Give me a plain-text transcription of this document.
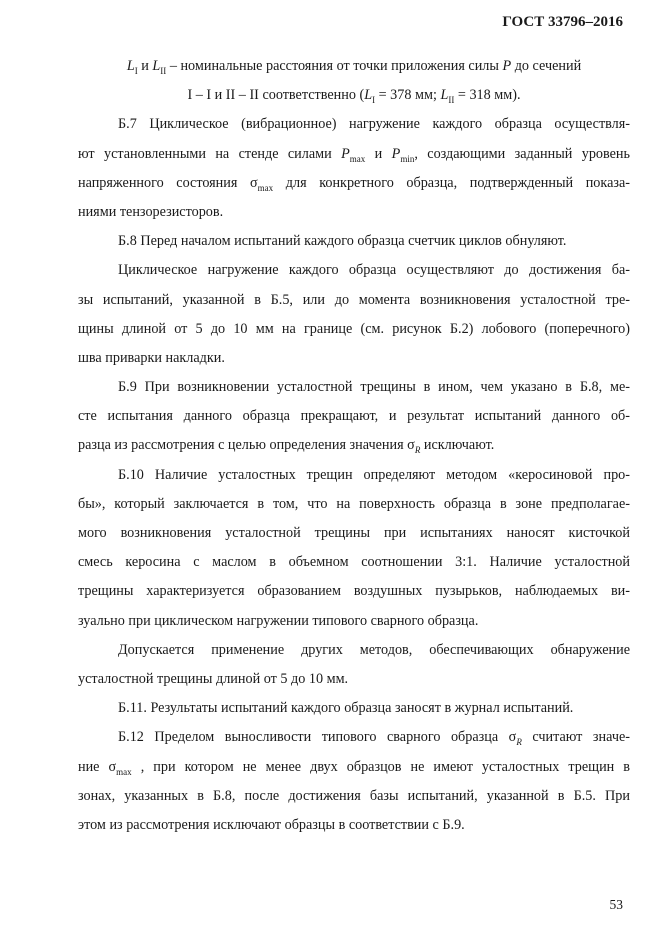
ГОСТ 33796–2016
$L_I$ и $L_{II}$ – номинальные расстояния от точки приложения силы P до сечений
I – I и II – II соответственно ($L_I = 378$ мм; $L_{II} = 318$ мм).
Б.7 Циклическое (вибрационное) нагружение каждого образца осуществля-
ют установленными на стенде силами $P_{max}$ и $P_{min}$, создающими заданный уровень
напряженного состояния $\sigma_{max}$ для конкретного образца, подтвержденный показа-
ниями тензорезисторов.
Б.8 Перед началом испытаний каждого образца счетчик циклов обнуляют.
Циклическое нагружение каждого образца осуществляют до достижения ба-
зы испытаний, указанной в Б.5, или до момента возникновения усталостной тре-
щины длиной от 5 до 10 мм на границе (см. рисунок Б.2) лобового (поперечного)
шва приварки накладки.
Б.9 При возникновении усталостной трещины в ином, чем указано в Б.8, ме-
сте испытания данного образца прекращают, и результат испытаний данного об-
разца из рассмотрения с целью определения значения $\sigma_R$ исключают.
Б.10 Наличие усталостных трещин определяют методом «керосиновой про-
бы», который заключается в том, что на поверхность образца в зоне предполагае-
мого возникновения усталостной трещины при испытаниях наносят кисточкой
смесь керосина с маслом в объемном соотношении 3:1. Наличие усталостной
трещины характеризуется образованием воздушных пузырьков, наблюдаемых ви-
зуально при циклическом нагружении типового сварного образца.
Допускается применение других методов, обеспечивающих обнаружение
усталостной трещины длиной от 5 до 10 мм.
Б.11. Результаты испытаний каждого образца заносят в журнал испытаний.
Б.12 Пределом выносливости типового сварного образца $\sigma_R$ считают значе-
ние $\sigma_{max}$ , при котором не менее двух образцов не имеют усталостных трещин в
зонах, указанных в Б.8, после достижения базы испытаний, указанной в Б.5. При
этом из рассмотрения исключают образцы в соответствии с Б.9.
53
